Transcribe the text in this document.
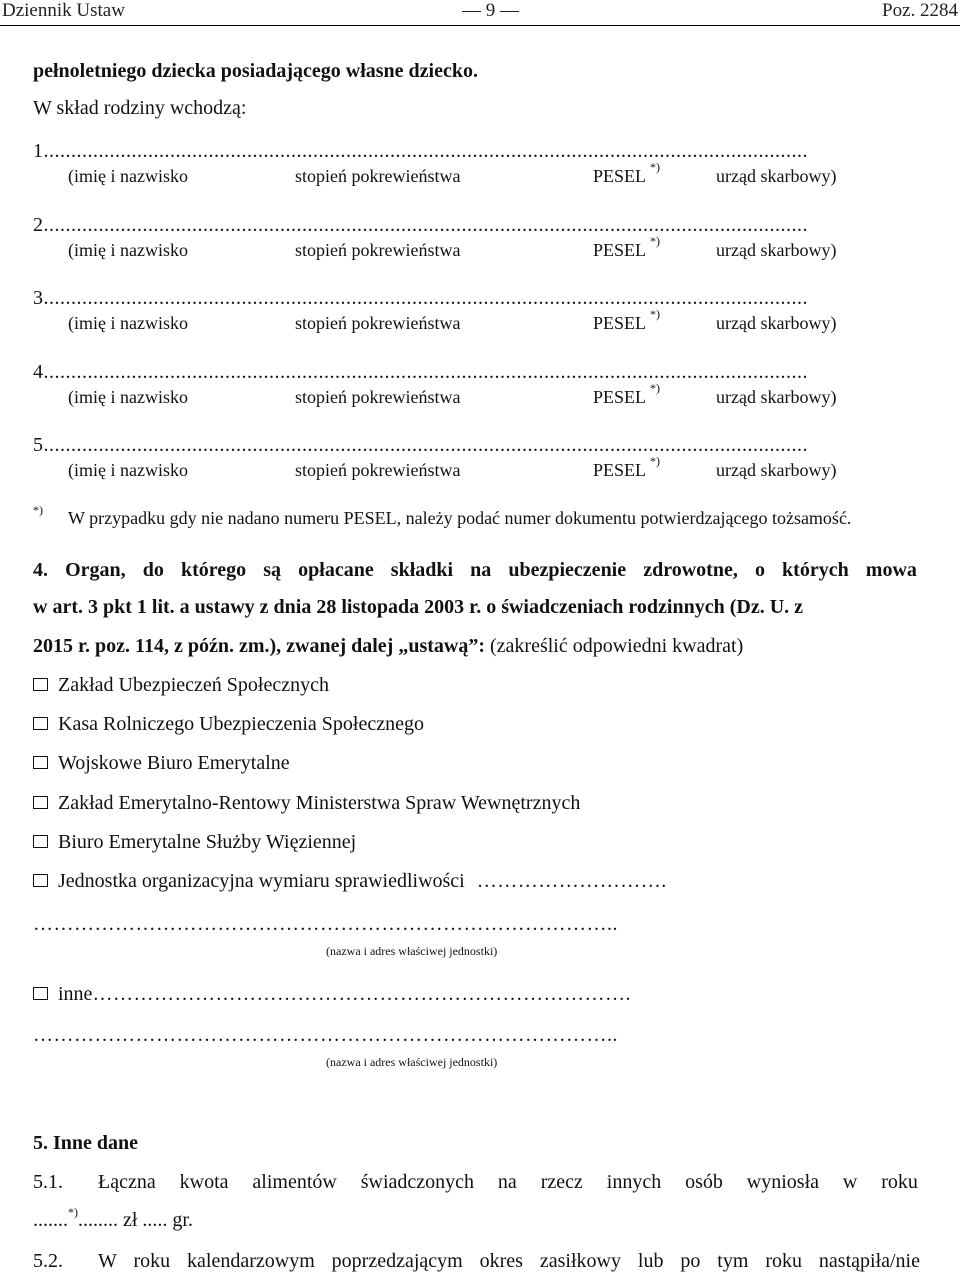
Dziennik Ustaw	— 9 —	Poz. 2284
pełnoletniego dziecka posiadającego własne dziecko.
W skład rodziny wchodzą:
1...........................................................................................................................................
(imię i nazwisko	stopień pokrewieństwa	PESEL	urząd skarbowy)
*)
2...........................................................................................................................................
(imię i nazwisko	stopień pokrewieństwa	PESEL	urząd skarbowy)
*)
3...........................................................................................................................................
(imię i nazwisko	stopień pokrewieństwa	PESEL	urząd skarbowy)
*)
4...........................................................................................................................................
(imię i nazwisko	stopień pokrewieństwa	PESEL	urząd skarbowy)
*)
5...........................................................................................................................................
(imię i nazwisko	stopień pokrewieństwa	PESEL	urząd skarbowy)
*)
*) W przypadku gdy nie nadano numeru PESEL, należy podać numer dokumentu potwierdzającego tożsamość.
4. Organ, do którego są opłacane składki na ubezpieczenie zdrowotne, o których mowa
w art. 3 pkt 1 lit. a ustawy z dnia 28 listopada 2003 r. o świadczeniach rodzinnych (Dz. U. z
2015 r. poz. 114, z późn. zm.), zwanej dalej „ustawą”: (zakreślić odpowiedni kwadrat)
Zakład Ubezpieczeń Społecznych
Kasa Rolniczego Ubezpieczenia Społecznego
Wojskowe Biuro Emerytalne
Zakład Emerytalno-Rentowy Ministerstwa Spraw Wewnętrznych
Biuro Emerytalne Służby Więziennej
Jednostka organizacyjna wymiaru sprawiedliwości ……………………….
…………………………………………………………………………..
(nazwa i adres właściwej jednostki)
inne…………………………………………………………………….
…………………………………………………………………………..
(nazwa i adres właściwej jednostki)
5. Inne dane
5.1. Łączna kwota alimentów świadczonych na rzecz innych osób wyniosła w roku
.......*)........ zł ..... gr.
5.2. W roku kalendarzowym poprzedzającym okres zasiłkowy lub po tym roku nastąpiła/nie
